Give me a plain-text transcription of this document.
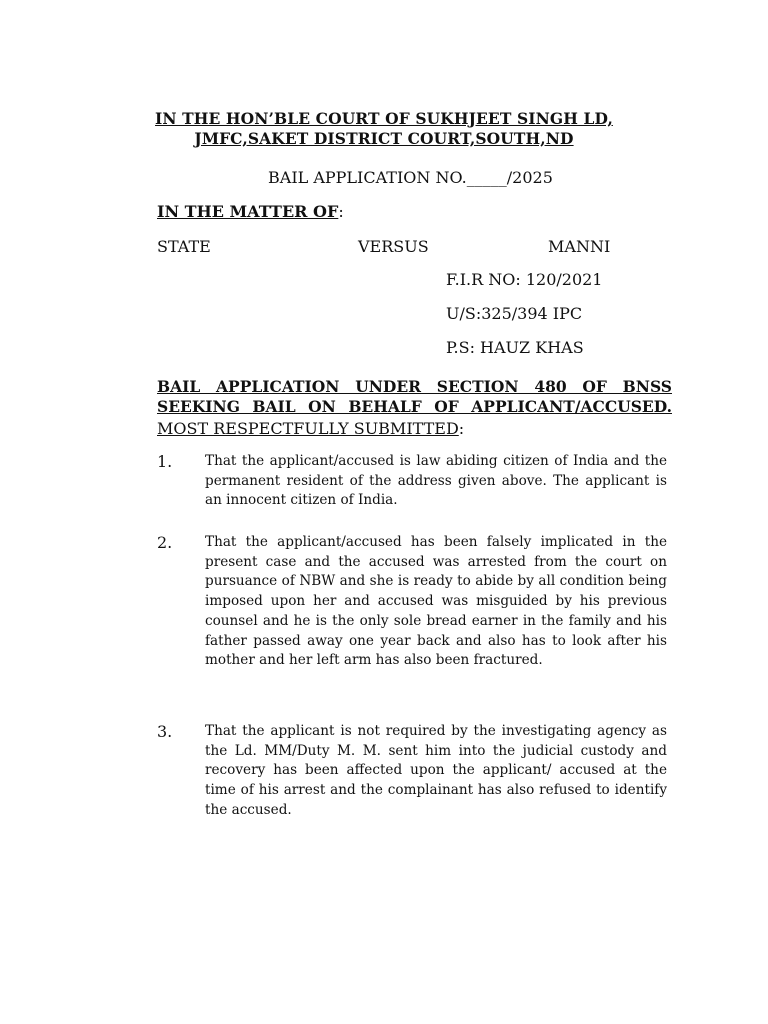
IN THE HON’BLE COURT OF SUKHJEET SINGH LD,
JMFC,SAKET DISTRICT COURT,SOUTH,ND
BAIL APPLICATION NO._____/2025
IN THE MATTER OF:
STATE	VERSUS	MANNI
F.I.R NO: 120/2021
U/S:325/394 IPC
P.S: HAUZ KHAS
BAIL APPLICATION UNDER SECTION 480 OF BNSS
SEEKING BAIL ON BEHALF OF APPLICANT/ACCUSED.
MOST RESPECTFULLY SUBMITTED:
1. That the applicant/accused is law abiding citizen of India and the permanent resident of the address given above. The applicant is an innocent citizen of India.
2. That the applicant/accused has been falsely implicated in the present case and the accused was arrested from the court on pursuance of NBW and she is ready to abide by all condition being imposed upon her and accused was misguided by his previous counsel and he is the only sole bread earner in the family and his father passed away one year back and also has to look after his mother and her left arm has also been fractured.
3. That the applicant is not required by the investigating agency as the Ld. MM/Duty M. M. sent him into the judicial custody and recovery has been affected upon the applicant/ accused at the time of his arrest and the complainant has also refused to identify the accused.
